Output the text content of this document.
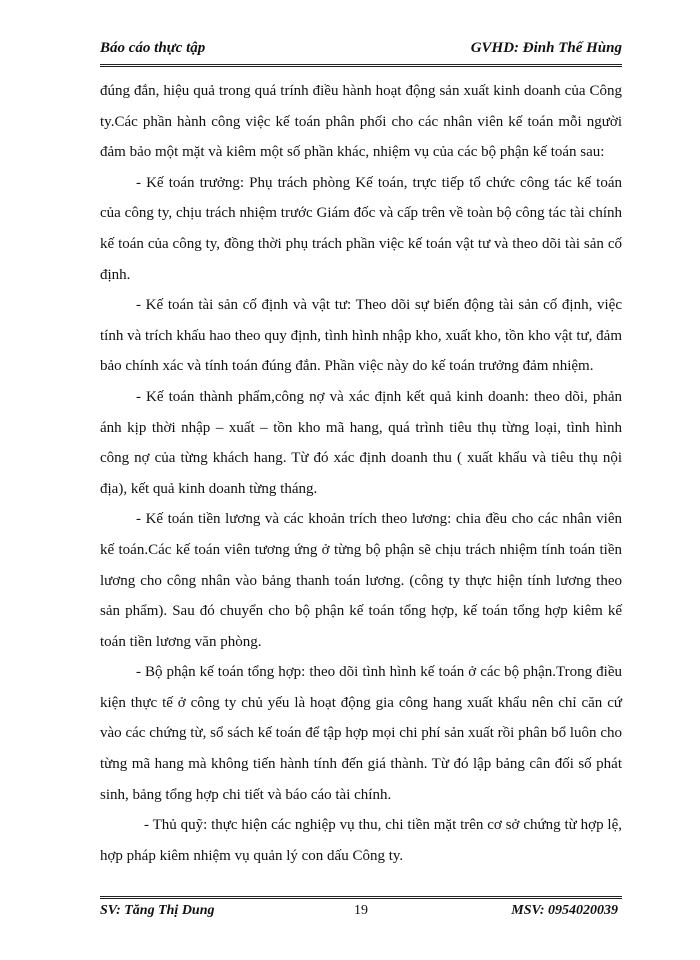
Báo cáo thực tập	GVHD: Đinh Thế Hùng

đúng đắn, hiệu quả trong quá trính điều hành hoạt động sản xuất kinh doanh của Công ty.Các phần hành công việc kế toán phân phối cho các nhân viên kế toán mỗi người đảm bảo một mặt và kiêm một số phần khác, nhiệm vụ của các bộ phận kế toán sau:

- Kế toán trưởng: Phụ trách phòng Kế toán, trực tiếp tổ chức công tác kế toán của công ty, chịu trách nhiệm trước Giám đốc và cấp trên về toàn bộ công tác tài chính kế toán của công ty, đồng thời phụ trách phần việc kế toán vật tư và theo dõi tài sản cố định.

- Kế toán tài sản cố định và vật tư: Theo dõi sự biến động tài sản cố định, việc tính và trích khấu hao theo quy định, tình hình nhập kho, xuất kho, tồn kho vật tư, đảm bảo chính xác và tính toán đúng đắn. Phần việc này do kế toán trưởng đảm nhiệm.

- Kế toán thành phẩm,công nợ và xác định kết quả kinh doanh: theo dõi, phản ánh kịp thời nhập – xuất – tồn kho mã hang, quá trình tiêu thụ từng loại, tình hình công nợ của từng khách hang. Từ đó xác định doanh thu ( xuất khẩu và tiêu thụ nội địa), kết quả kinh doanh từng tháng.

- Kế toán tiền lương và các khoản trích theo lương: chia đều cho các nhân viên kế toán.Các kế toán viên tương ứng ở từng bộ phận sẽ chịu trách nhiệm tính toán tiền lương cho công nhân vào bảng thanh toán lương. (công ty thực hiện tính lương theo sản phẩm). Sau đó chuyển cho bộ phận kế toán tổng hợp, kế toán tổng hợp kiêm kế toán tiền lương văn phòng.

- Bộ phận kế toán tổng hợp: theo dõi tình hình kế toán ở các bộ phận.Trong điều kiện thực tế ở công ty chủ yếu là hoạt động gia công hang xuất khẩu nên chỉ căn cứ vào các chứng từ, sổ sách kế toán để tập hợp mọi chi phí sản xuất rồi phân bổ luôn cho từng mã hang mà không tiến hành tính đến giá thành. Từ đó lập bảng cân đối số phát sinh, bảng tổng hợp chi tiết và báo cáo tài chính.

- Thủ quỹ: thực hiện các nghiệp vụ thu, chi tiền mặt trên cơ sở chứng từ hợp lệ, hợp pháp kiêm nhiệm vụ quản lý con dấu Công ty.

SV: Tăng Thị Dung	19	MSV: 0954020039
